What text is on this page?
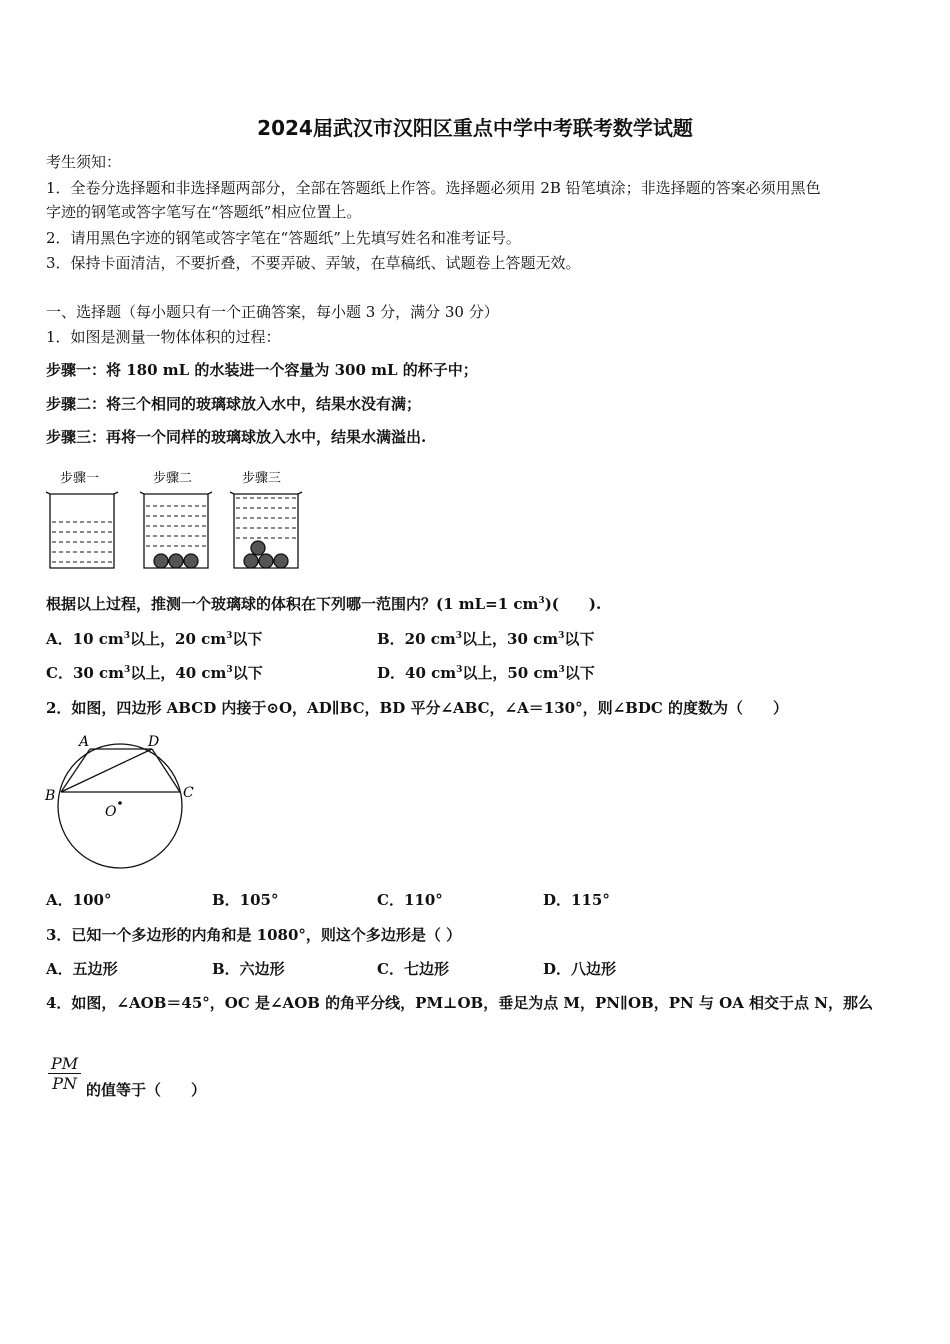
2024届武汉市汉阳区重点中学中考联考数学试题
考生须知：
1．全卷分选择题和非选择题两部分，全部在答题纸上作答。选择题必须用 2B 铅笔填涂；非选择题的答案必须用黑色
字迹的钢笔或答字笔写在“答题纸”相应位置上。
2．请用黑色字迹的钢笔或答字笔在“答题纸”上先填写姓名和准考证号。
3．保持卡面清洁，不要折叠，不要弄破、弄皱，在草稿纸、试题卷上答题无效。
一、选择题（每小题只有一个正确答案，每小题 3 分，满分 30 分）
1．如图是测量一物体体积的过程：
步骤一：将 180 mL 的水装进一个容量为 300 mL 的杯子中；
步骤二：将三个相同的玻璃球放入水中，结果水没有满；
步骤三：再将一个同样的玻璃球放入水中，结果水满溢出.
步骤一	步骤二	步骤三
根据以上过程，推测一个玻璃球的体积在下列哪一范围内？(1 mL=1 $cm^3$)(　　).
A．10 $cm^3$以上，20 $cm^3$以下	B．20 $cm^3$以上，30 $cm^3$以下
C．30 $cm^3$以上，40 $cm^3$以下	D．40 $cm^3$以上，50 $cm^3$以下
2．如图，四边形 ABCD 内接于⊙O，AD∥BC，BD 平分∠ABC，∠A＝130°，则∠BDC 的度数为（　　）
A	D
B	C
O
A．100°	B．105°	C．110°	D．115°
3．已知一个多边形的内角和是 1080°，则这个多边形是（ ）
A．五边形	B．六边形	C．七边形	D．八边形
4．如图，∠AOB＝45°，OC 是∠AOB 的角平分线，PM⊥OB，垂足为点 M，PN∥OB，PN 与 OA 相交于点 N，那么
$\frac{PM}{PN}$ 的值等于（　　）
